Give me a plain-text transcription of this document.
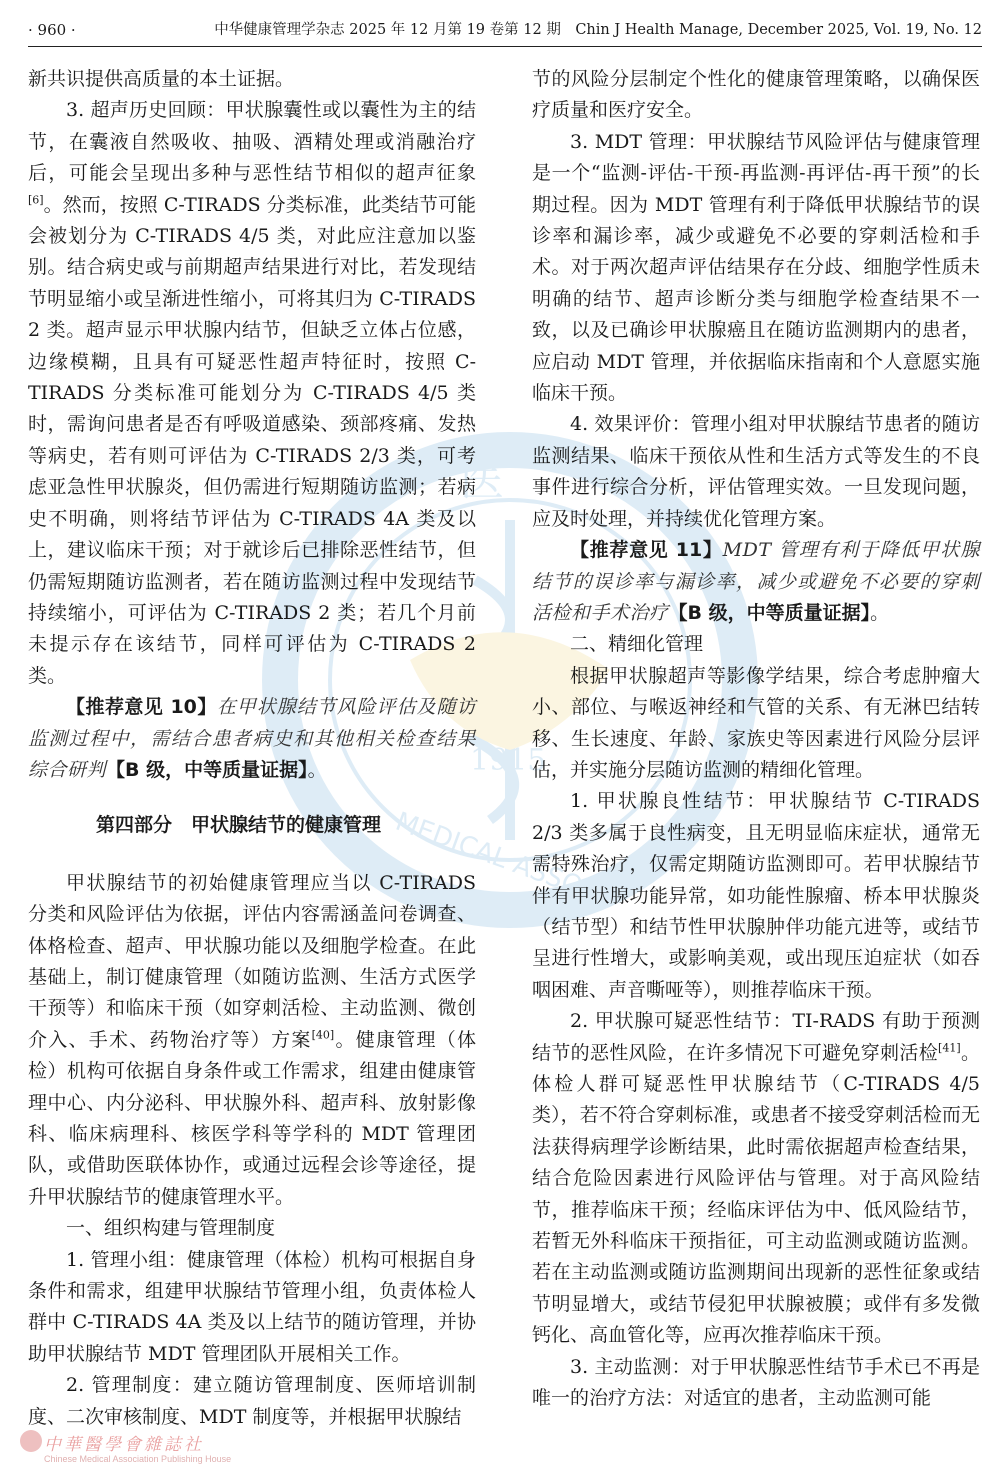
· 960 ·	中华健康管理学杂志 2025 年 12 月第 19 卷第 12 期　Chin J Health Manage, December 2025, Vol. 19, No. 12
医
1915
MEDICAL ASSOC

新共识提供高质量的本土证据。

3. 超声历史回顾：甲状腺囊性或以囊性为主的结节，在囊液自然吸收、抽吸、酒精处理或消融治疗后，可能会呈现出多种与恶性结节相似的超声征象[6]。然而，按照 C-TIRADS 分类标准，此类结节可能会被划分为 C-TIRADS 4/5 类，对此应注意加以鉴别。结合病史或与前期超声结果进行对比，若发现结节明显缩小或呈渐进性缩小，可将其归为 C-TIRADS 2 类。超声显示甲状腺内结节，但缺乏立体占位感，边缘模糊，且具有可疑恶性超声特征时，按照 C-TIRADS 分类标准可能划分为 C-TIRADS 4/5 类时，需询问患者是否有呼吸道感染、颈部疼痛、发热等病史，若有则可评估为 C-TIRADS 2/3 类，可考虑亚急性甲状腺炎，但仍需进行短期随访监测；若病史不明确，则将结节评估为 C-TIRADS 4A 类及以上，建议临床干预；对于就诊后已排除恶性结节，但仍需短期随访监测者，若在随访监测过程中发现结节持续缩小，可评估为 C-TIRADS 2 类；若几个月前未提示存在该结节，同样可评估为 C-TIRADS 2 类。

【推荐意见 10】在甲状腺结节风险评估及随访监测过程中，需结合患者病史和其他相关检查结果综合研判【B 级，中等质量证据】。

第四部分　甲状腺结节的健康管理

甲状腺结节的初始健康管理应当以 C-TIRADS 分类和风险评估为依据，评估内容需涵盖问卷调查、体格检查、超声、甲状腺功能以及细胞学检查。在此基础上，制订健康管理（如随访监测、生活方式医学干预等）和临床干预（如穿刺活检、主动监测、微创介入、手术、药物治疗等）方案[40]。健康管理（体检）机构可依据自身条件或工作需求，组建由健康管理中心、内分泌科、甲状腺外科、超声科、放射影像科、临床病理科、核医学科等学科的 MDT 管理团队，或借助医联体协作，或通过远程会诊等途径，提升甲状腺结节的健康管理水平。

一、组织构建与管理制度

1. 管理小组：健康管理（体检）机构可根据自身条件和需求，组建甲状腺结节管理小组，负责体检人群中 C-TIRADS 4A 类及以上结节的随访管理，并协助甲状腺结节 MDT 管理团队开展相关工作。

2. 管理制度：建立随访管理制度、医师培训制度、二次审核制度、MDT 制度等，并根据甲状腺结

节的风险分层制定个性化的健康管理策略，以确保医疗质量和医疗安全。

3. MDT 管理：甲状腺结节风险评估与健康管理是一个“监测-评估-干预-再监测-再评估-再干预”的长期过程。因为 MDT 管理有利于降低甲状腺结节的误诊率和漏诊率，减少或避免不必要的穿刺活检和手术。对于两次超声评估结果存在分歧、细胞学性质未明确的结节、超声诊断分类与细胞学检查结果不一致，以及已确诊甲状腺癌且在随访监测期内的患者，应启动 MDT 管理，并依据临床指南和个人意愿实施临床干预。

4. 效果评价：管理小组对甲状腺结节患者的随访监测结果、临床干预依从性和生活方式等发生的不良事件进行综合分析，评估管理实效。一旦发现问题，应及时处理，并持续优化管理方案。

【推荐意见 11】MDT 管理有利于降低甲状腺结节的误诊率与漏诊率，减少或避免不必要的穿刺活检和手术治疗【B 级，中等质量证据】。

二、精细化管理

根据甲状腺超声等影像学结果，综合考虑肿瘤大小、部位、与喉返神经和气管的关系、有无淋巴结转移、生长速度、年龄、家族史等因素进行风险分层评估，并实施分层随访监测的精细化管理。

1. 甲状腺良性结节：甲状腺结节 C-TIRADS 2/3 类多属于良性病变，且无明显临床症状，通常无需特殊治疗，仅需定期随访监测即可。若甲状腺结节伴有甲状腺功能异常，如功能性腺瘤、桥本甲状腺炎（结节型）和结节性甲状腺肿伴功能亢进等，或结节呈进行性增大，或影响美观，或出现压迫症状（如吞咽困难、声音嘶哑等），则推荐临床干预。

2. 甲状腺可疑恶性结节：TI-RADS 有助于预测结节的恶性风险，在许多情况下可避免穿刺活检[41]。体检人群可疑恶性甲状腺结节（C-TIRADS 4/5 类），若不符合穿刺标准，或患者不接受穿刺活检而无法获得病理学诊断结果，此时需依据超声检查结果，结合危险因素进行风险评估与管理。对于高风险结节，推荐临床干预；经临床评估为中、低风险结节，若暂无外科临床干预指征，可主动监测或随访监测。若在主动监测或随访监测期间出现新的恶性征象或结节明显增大，或结节侵犯甲状腺被膜；或伴有多发微钙化、高血管化等，应再次推荐临床干预。

3. 主动监测：对于甲状腺恶性结节手术已不再是唯一的治疗方法：对适宜的患者，主动监测可能

中華醫學會雜誌社
Chinese Medical Association Publishing House
